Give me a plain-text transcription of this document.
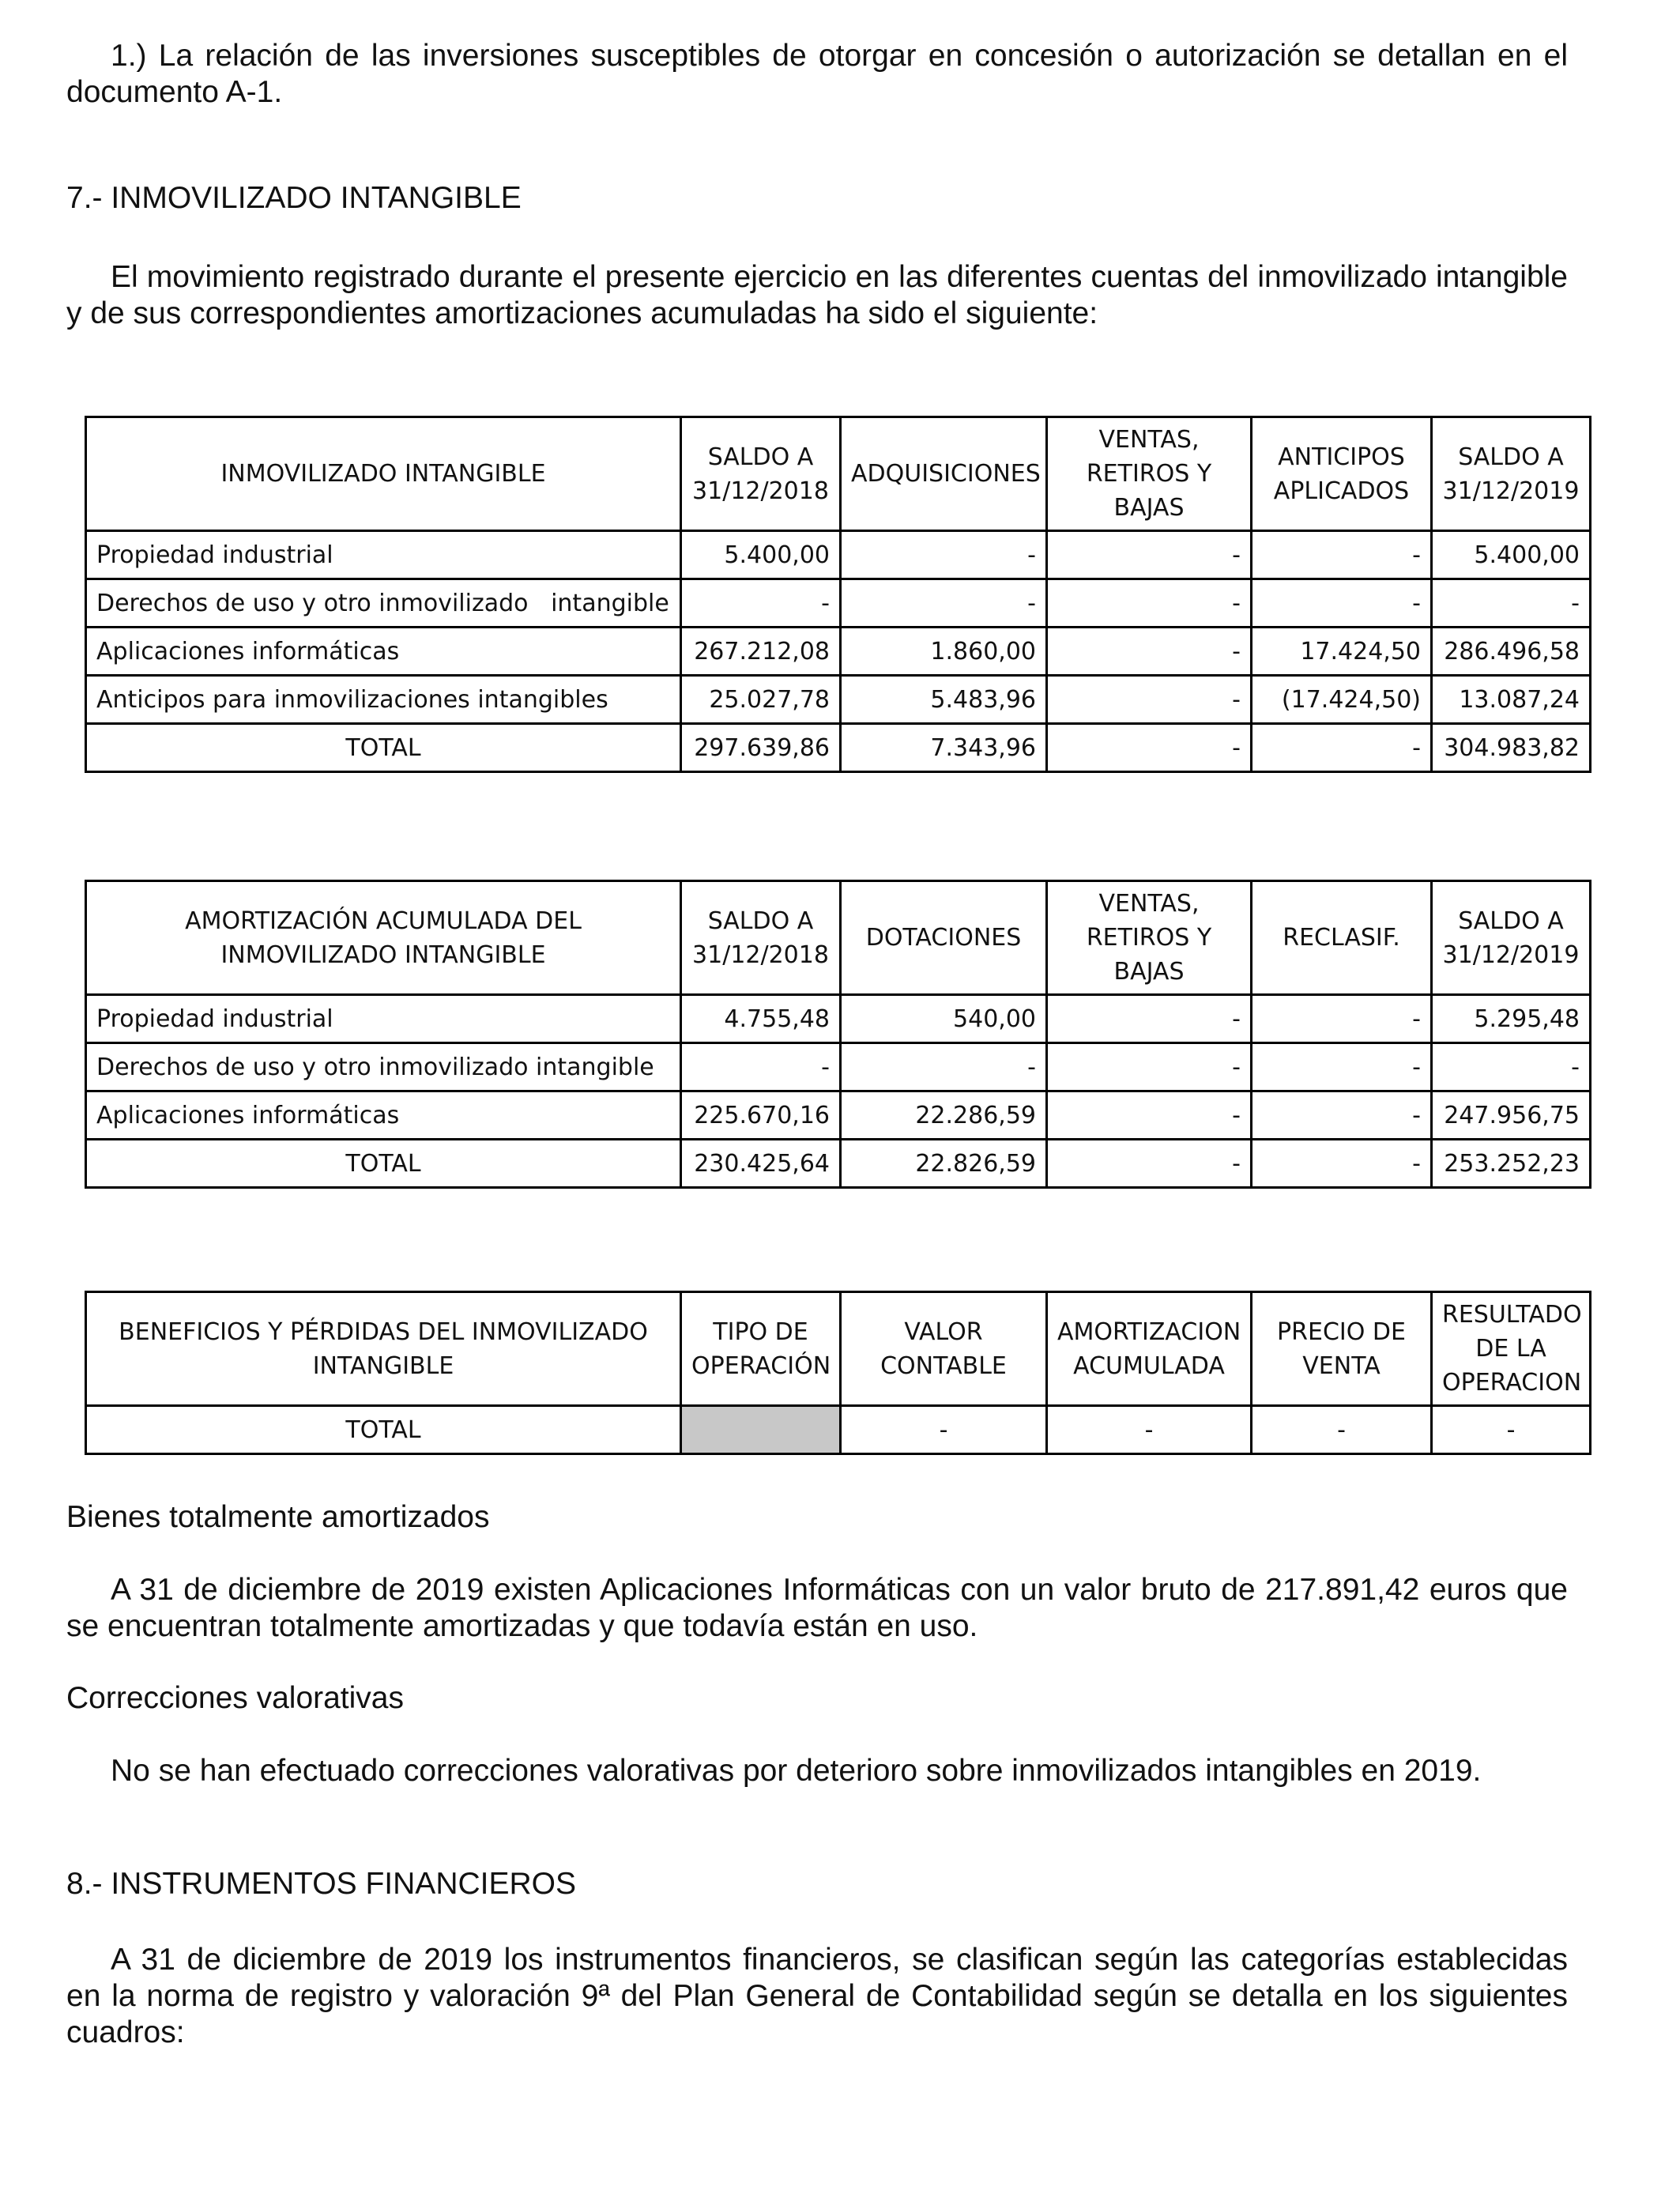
1.) La relación de las inversiones susceptibles de otorgar en concesión o autorización se detallan en el documento A-1.

7.- INMOVILIZADO INTANGIBLE

El movimiento registrado durante el presente ejercicio en las diferentes cuentas del inmovilizado intangible y de sus correspondientes amortizaciones acumuladas ha sido el siguiente:

INMOVILIZADO INTANGIBLE	SALDO A 31/12/2018	ADQUISICIONES	VENTAS, RETIROS Y BAJAS	ANTICIPOS APLICADOS	SALDO A 31/12/2019
Propiedad industrial	5.400,00	-	-	-	5.400,00
Derechos de uso y otro inmovilizado   intangible	-	-	-	-	-
Aplicaciones informáticas	267.212,08	1.860,00	-	17.424,50	286.496,58
Anticipos para inmovilizaciones intangibles	25.027,78	5.483,96	-	(17.424,50)	13.087,24
TOTAL	297.639,86	7.343,96	-	-	304.983,82
AMORTIZACIÓN ACUMULADA DEL INMOVILIZADO INTANGIBLE	SALDO A 31/12/2018	DOTACIONES	VENTAS, RETIROS Y BAJAS	RECLASIF.	SALDO A 31/12/2019
Propiedad industrial	4.755,48	540,00	-	-	5.295,48
Derechos de uso y otro inmovilizado intangible	-	-	-	-	-
Aplicaciones informáticas	225.670,16	22.286,59	-	-	247.956,75
TOTAL	230.425,64	22.826,59	-	-	253.252,23
BENEFICIOS Y PÉRDIDAS DEL INMOVILIZADO INTANGIBLE	TIPO DE OPERACIÓN	VALOR CONTABLE	AMORTIZACION ACUMULADA	PRECIO DE VENTA	RESULTADO DE LA OPERACION
TOTAL		-	-	-	-

Bienes totalmente amortizados

A 31 de diciembre de 2019 existen Aplicaciones Informáticas con un valor bruto de 217.891,42 euros que se encuentran totalmente amortizadas y que todavía están en uso.

Correcciones valorativas

No se han efectuado correcciones valorativas por deterioro sobre inmovilizados intangibles en 2019.

8.- INSTRUMENTOS FINANCIEROS

A 31 de diciembre de 2019 los instrumentos financieros, se clasifican según las categorías establecidas en la norma de registro y valoración 9ª del Plan General de Contabilidad según se detalla en los siguientes cuadros:
